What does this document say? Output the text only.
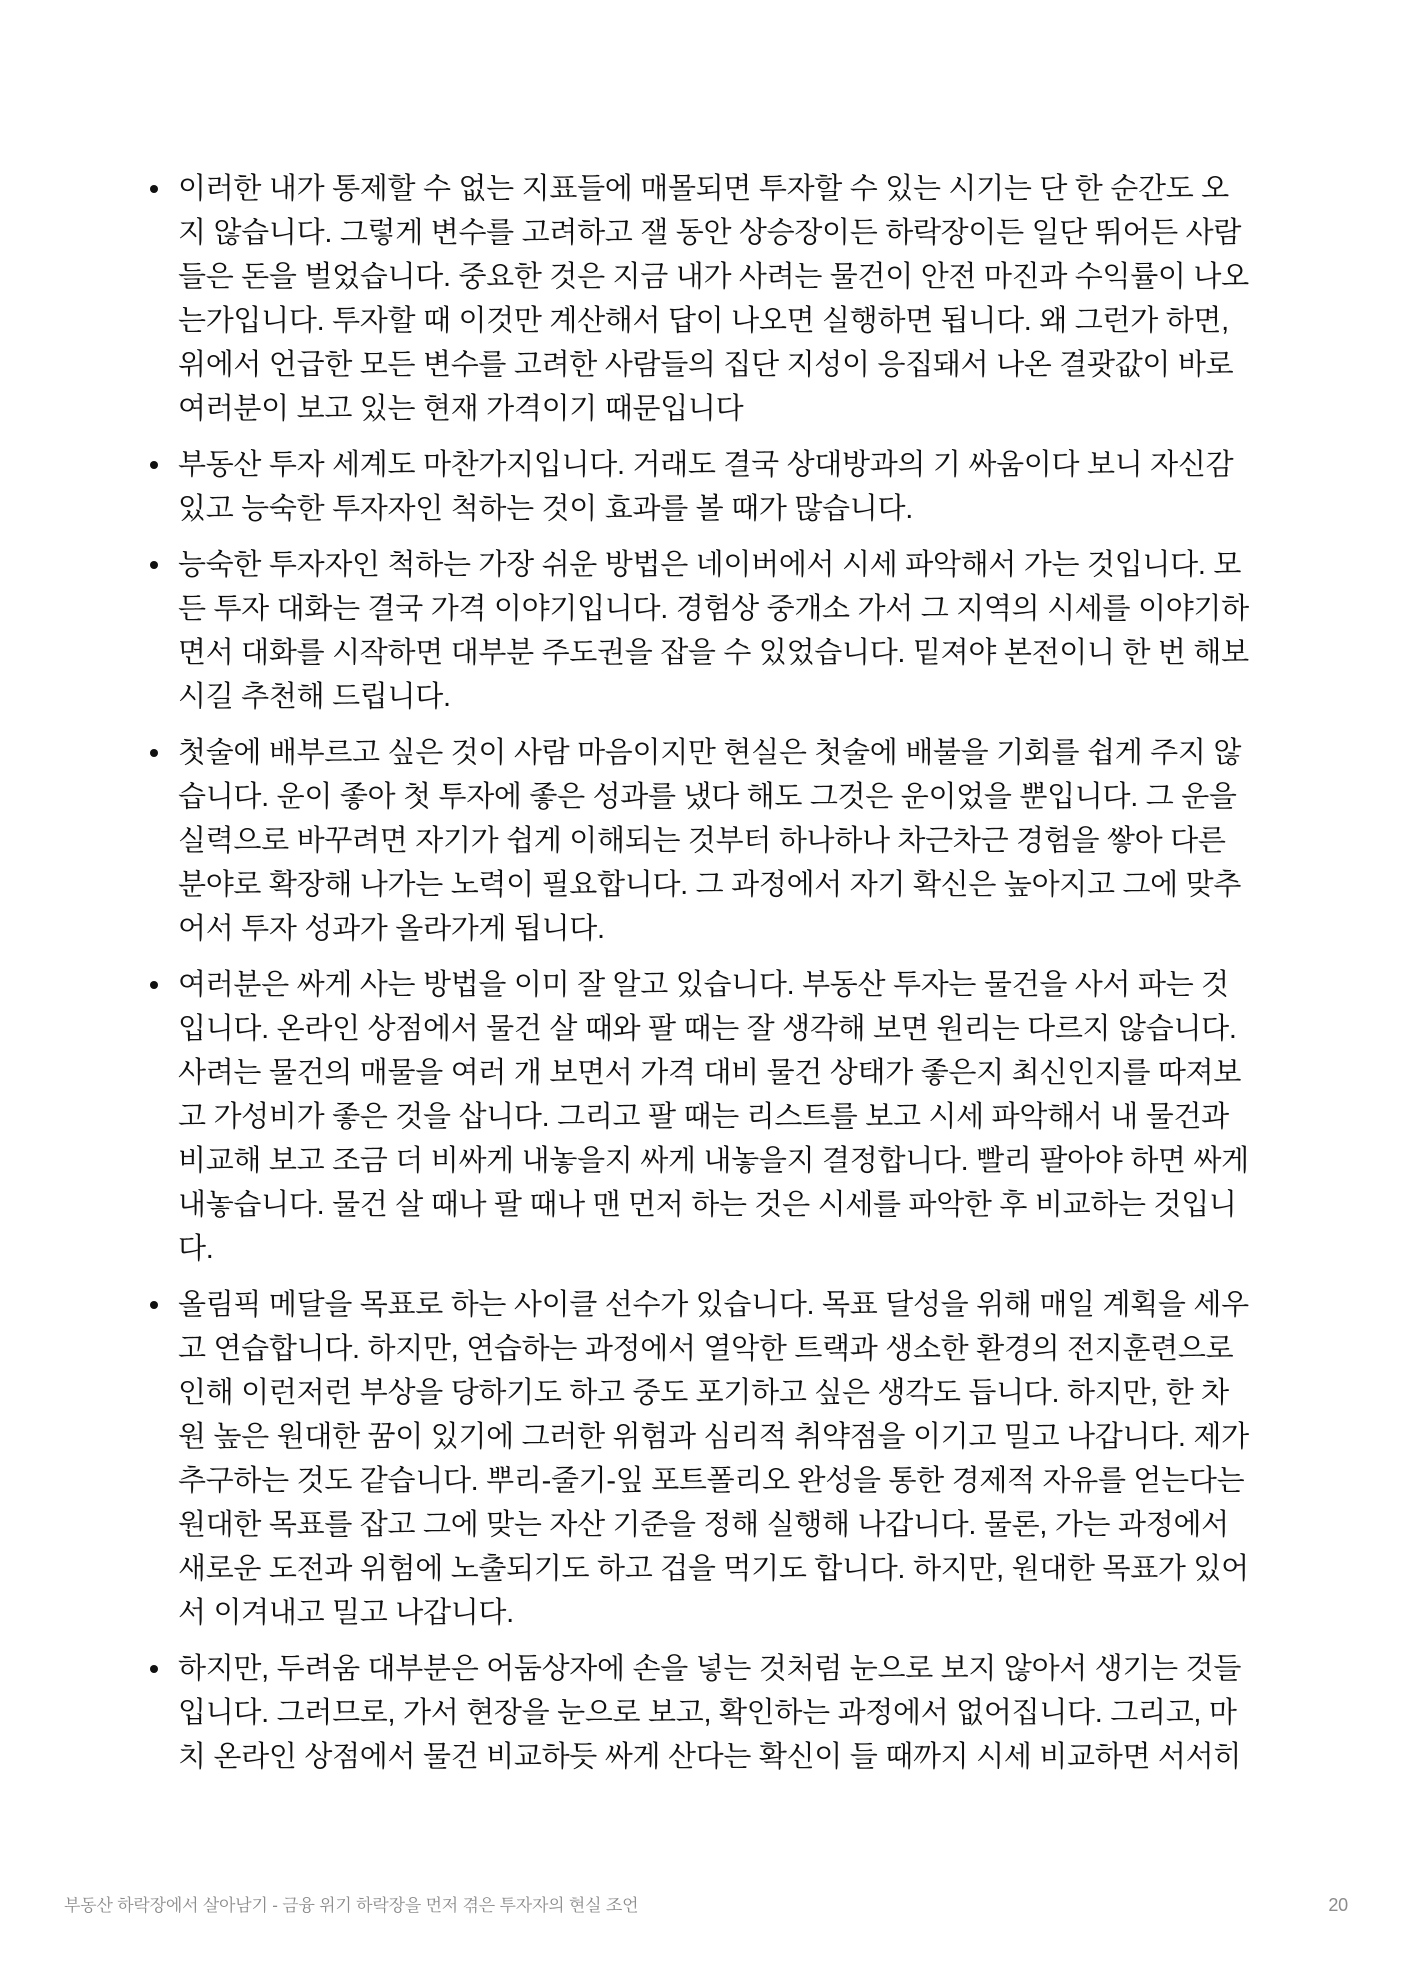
이러한 내가 통제할 수 없는 지표들에 매몰되면 투자할 수 있는 시기는 단 한 순간도 오지 않습니다. 그렇게 변수를 고려하고 잴 동안 상승장이든 하락장이든 일단 뛰어든 사람들은 돈을 벌었습니다. 중요한 것은 지금 내가 사려는 물건이 안전 마진과 수익률이 나오는가입니다. 투자할 때 이것만 계산해서 답이 나오면 실행하면 됩니다. 왜 그런가 하면, 위에서 언급한 모든 변수를 고려한 사람들의 집단 지성이 응집돼서 나온 결괏값이 바로 여러분이 보고 있는 현재 가격이기 때문입니다

부동산 투자 세계도 마찬가지입니다. 거래도 결국 상대방과의 기 싸움이다 보니 자신감 있고 능숙한 투자자인 척하는 것이 효과를 볼 때가 많습니다.

능숙한 투자자인 척하는 가장 쉬운 방법은 네이버에서 시세 파악해서 가는 것입니다. 모든 투자 대화는 결국 가격 이야기입니다. 경험상 중개소 가서 그 지역의 시세를 이야기하면서 대화를 시작하면 대부분 주도권을 잡을 수 있었습니다. 밑져야 본전이니 한 번 해보시길 추천해 드립니다.

첫술에 배부르고 싶은 것이 사람 마음이지만 현실은 첫술에 배불을 기회를 쉽게 주지 않습니다. 운이 좋아 첫 투자에 좋은 성과를 냈다 해도 그것은 운이었을 뿐입니다. 그 운을 실력으로 바꾸려면 자기가 쉽게 이해되는 것부터 하나하나 차근차근 경험을 쌓아 다른 분야로 확장해 나가는 노력이 필요합니다. 그 과정에서 자기 확신은 높아지고 그에 맞추어서 투자 성과가 올라가게 됩니다.

여러분은 싸게 사는 방법을 이미 잘 알고 있습니다. 부동산 투자는 물건을 사서 파는 것입니다. 온라인 상점에서 물건 살 때와 팔 때는 잘 생각해 보면 원리는 다르지 않습니다. 사려는 물건의 매물을 여러 개 보면서 가격 대비 물건 상태가 좋은지 최신인지를 따져보고 가성비가 좋은 것을 삽니다. 그리고 팔 때는 리스트를 보고 시세 파악해서 내 물건과 비교해 보고 조금 더 비싸게 내놓을지 싸게 내놓을지 결정합니다. 빨리 팔아야 하면 싸게 내놓습니다. 물건 살 때나 팔 때나 맨 먼저 하는 것은 시세를 파악한 후 비교하는 것입니다.

올림픽 메달을 목표로 하는 사이클 선수가 있습니다. 목표 달성을 위해 매일 계획을 세우고 연습합니다. 하지만, 연습하는 과정에서 열악한 트랙과 생소한 환경의 전지훈련으로 인해 이런저런 부상을 당하기도 하고 중도 포기하고 싶은 생각도 듭니다. 하지만, 한 차원 높은 원대한 꿈이 있기에 그러한 위험과 심리적 취약점을 이기고 밀고 나갑니다. 제가 추구하는 것도 같습니다. 뿌리-줄기-잎 포트폴리오 완성을 통한 경제적 자유를 얻는다는 원대한 목표를 잡고 그에 맞는 자산 기준을 정해 실행해 나갑니다. 물론, 가는 과정에서 새로운 도전과 위험에 노출되기도 하고 겁을 먹기도 합니다. 하지만, 원대한 목표가 있어서 이겨내고 밀고 나갑니다.

하지만, 두려움 대부분은 어둠상자에 손을 넣는 것처럼 눈으로 보지 않아서 생기는 것들입니다. 그러므로, 가서 현장을 눈으로 보고, 확인하는 과정에서 없어집니다. 그리고, 마치 온라인 상점에서 물건 비교하듯 싸게 산다는 확신이 들 때까지 시세 비교하면 서서히

부동산 하락장에서 살아남기 - 금융 위기 하락장을 먼저 겪은 투자자의 현실 조언	20
